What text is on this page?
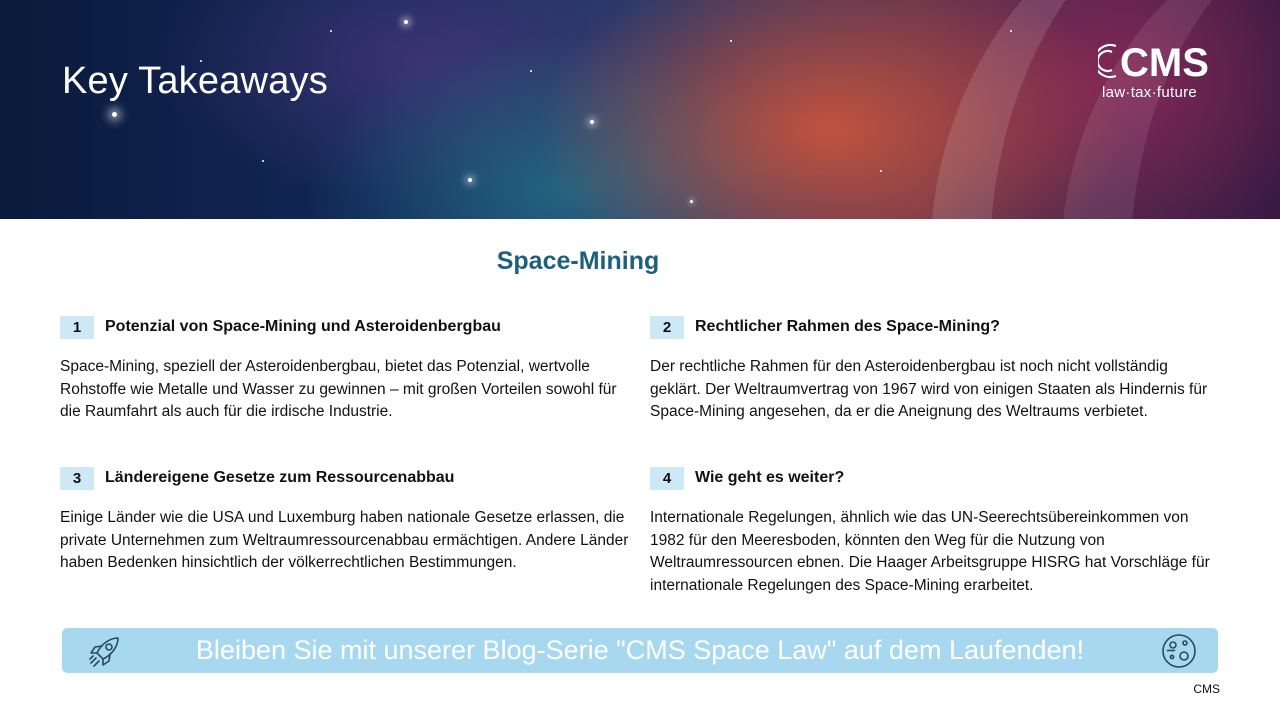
Key Takeaways	CMS
law·tax·future
Space-Mining
1	Potenzial von Space-Mining und Asteroidenbergbau

Space-Mining, speziell der Asteroidenbergbau, bietet das Potenzial, wertvolle Rohstoffe wie Metalle und Wasser zu gewinnen – mit großen Vorteilen sowohl für die Raumfahrt als auch für die irdische Industrie.

2	Rechtlicher Rahmen des Space-Mining?

Der rechtliche Rahmen für den Asteroidenbergbau ist noch nicht vollständig geklärt. Der Weltraumvertrag von 1967 wird von einigen Staaten als Hindernis für Space-Mining angesehen, da er die Aneignung des Weltraums verbietet.

3	Ländereigene Gesetze zum Ressourcenabbau

Einige Länder wie die USA und Luxemburg haben nationale Gesetze erlassen, die private Unternehmen zum Weltraumressourcenabbau ermächtigen. Andere Länder haben Bedenken hinsichtlich der völkerrechtlichen Bestimmungen.

4	Wie geht es weiter?

Internationale Regelungen, ähnlich wie das UN-Seerechtsübereinkommen von 1982 für den Meeresboden, könnten den Weg für die Nutzung von Weltraumressourcen ebnen. Die Haager Arbeitsgruppe HISRG hat Vorschläge für internationale Regelungen des Space-Mining erarbeitet.

Bleiben Sie mit unserer Blog-Serie "CMS Space Law" auf dem Laufenden!
CMS
